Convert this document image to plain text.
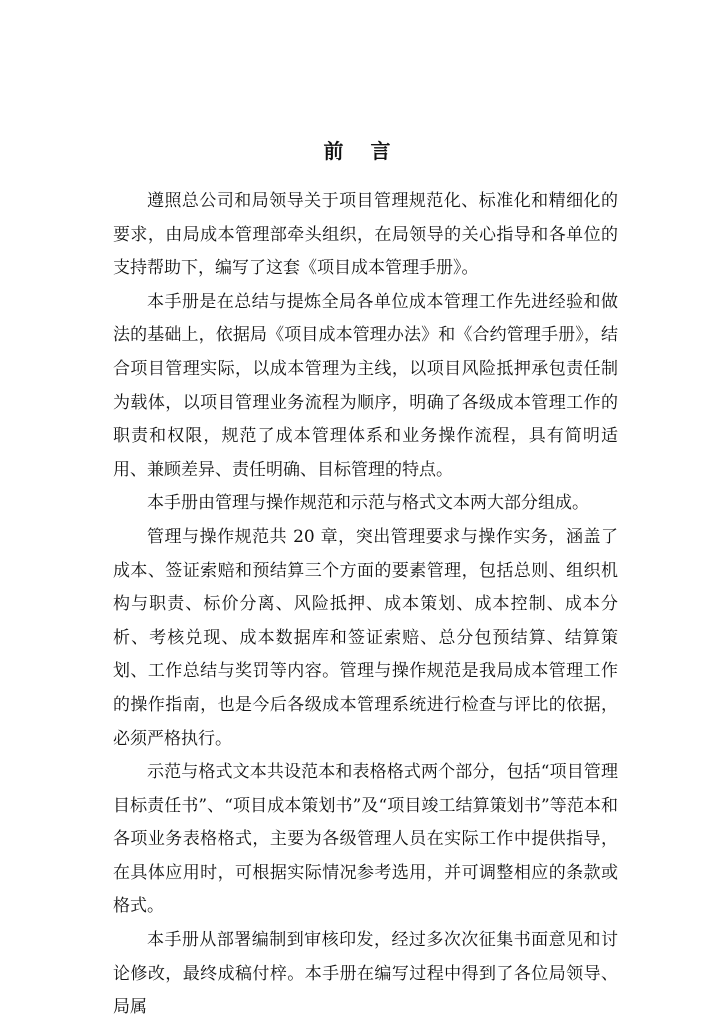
前 言

遵照总公司和局领导关于项目管理规范化、标准化和精细化的要求，由局成本管理部牵头组织，在局领导的关心指导和各单位的支持帮助下，编写了这套《项目成本管理手册》。

本手册是在总结与提炼全局各单位成本管理工作先进经验和做法的基础上，依据局《项目成本管理办法》和《合约管理手册》，结合项目管理实际，以成本管理为主线，以项目风险抵押承包责任制为载体，以项目管理业务流程为顺序，明确了各级成本管理工作的职责和权限，规范了成本管理体系和业务操作流程，具有简明适用、兼顾差异、责任明确、目标管理的特点。

本手册由管理与操作规范和示范与格式文本两大部分组成。

管理与操作规范共 20 章，突出管理要求与操作实务，涵盖了成本、签证索赔和预结算三个方面的要素管理，包括总则、组织机构与职责、标价分离、风险抵押、成本策划、成本控制、成本分析、考核兑现、成本数据库和签证索赔、总分包预结算、结算策划、工作总结与奖罚等内容。管理与操作规范是我局成本管理工作的操作指南，也是今后各级成本管理系统进行检查与评比的依据，必须严格执行。

示范与格式文本共设范本和表格格式两个部分，包括“项目管理目标责任书”、“项目成本策划书”及“项目竣工结算策划书”等范本和各项业务表格格式，主要为各级管理人员在实际工作中提供指导，在具体应用时，可根据实际情况参考选用，并可调整相应的条款或格式。

本手册从部署编制到审核印发，经过多次次征集书面意见和讨论修改，最终成稿付梓。本手册在编写过程中得到了各位局领导、局属
